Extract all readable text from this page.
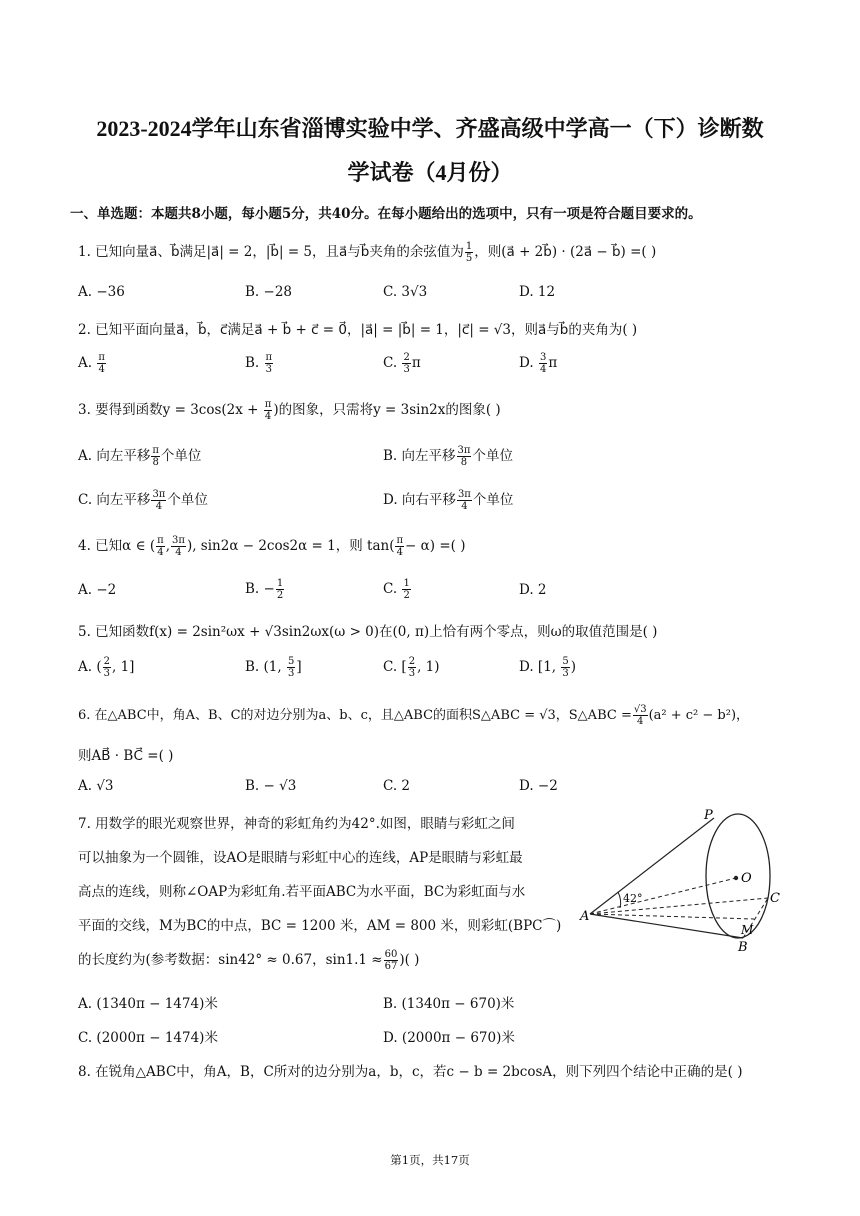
2023-2024学年山东省淄博实验中学、齐盛高级中学高一（下）诊断数
学试卷（4月份）
一、单选题：本题共8小题，每小题5分，共40分。在每小题给出的选项中，只有一项是符合题目要求的。
1. 已知向量a⃗、b⃗满足|a⃗| = 2，|b⃗| = 5，且a⃗与b⃗夹角的余弦值为 $\frac{1}{5}$ ，则(a⃗ + 2b⃗) · (2a⃗ − b⃗) =( )
A. −36	B. −28	C. 3√3	D. 12
2. 已知平面向量a⃗，b⃗，c⃗满足a⃗ + b⃗ + c⃗ = 0⃗，|a⃗| = |b⃗| = 1，|c⃗| = √3，则a⃗与b⃗的夹角为( )
A. $\frac{\pi}{4}$	B. $\frac{\pi}{3}$	C. $\frac{2}{3}$ π	D. $\frac{3}{4}$ π
3. 要得到函数$y = 3\cos(2x + \frac{\pi}{4}$ )的图象，只需将y = 3sin2x的图象( )
A. 向左平移 $\frac{\pi}{8}$ 个单位	B. 向左平移 $\frac{3\pi}{8}$ 个单位
C. 向左平移 $\frac{3\pi}{4}$ 个单位	D. 向右平移 $\frac{3\pi}{4}$ 个单位
4. 已知α ∈ ( $\frac{\pi}{4}$ , $\frac{3\pi}{4}$ ), sin2α − 2cos2α = 1，则 $\tan( \frac{\pi}{4} - \alpha)$ =( )
A. −2	B. − $\frac{1}{2}$	C. $\frac{1}{2}$	D. 2
5. 已知函数f(x) = 2sin²ωx + √3sin2ωx(ω > 0)在(0, π)上恰有两个零点，则ω的取值范围是( )
A. ( $\frac{2}{3}$ , 1]	B. (1, $\frac{5}{3}$ ]	C. [ $\frac{2}{3}$ , 1)	D. [1, $\frac{5}{3}$ )
6. 在△ABC中，角A、B、C的对边分别为a、b、c，且△ABC的面积S△ABC = √3，S△ABC = $\frac{√3}{4} (a^2 + c^2 - b^2)$，
则AB⃗ · BC⃗ =( )
A. √3	B. − √3	C. 2	D. −2
7. 用数学的眼光观察世界，神奇的彩虹角约为42°.如图，眼睛与彩虹之间
可以抽象为一个圆锥，设AO是眼睛与彩虹中心的连线，AP是眼睛与彩虹最
高点的连线，则称∠OAP为彩虹角.若平面ABC为水平面，BC为彩虹面与水
平面的交线，M为BC的中点，BC = 1200 米，AM = 800 米，则彩虹(BPC⌒)
的长度约为(参考数据：sin42° ≈ 0.67，$\sin 1.1 \approx \frac{60}{67}$ )( )
A. (1340π − 1474)米	B. (1340π − 670)米
C. (2000π − 1474)米	D. (2000π − 670)米
P
O
C
M
A
B
42°
8. 在锐角△ABC中，角A，B，C所对的边分别为a，b，c，若c − b = 2bcosA，则下列四个结论中正确的是( )
第1页，共17页
